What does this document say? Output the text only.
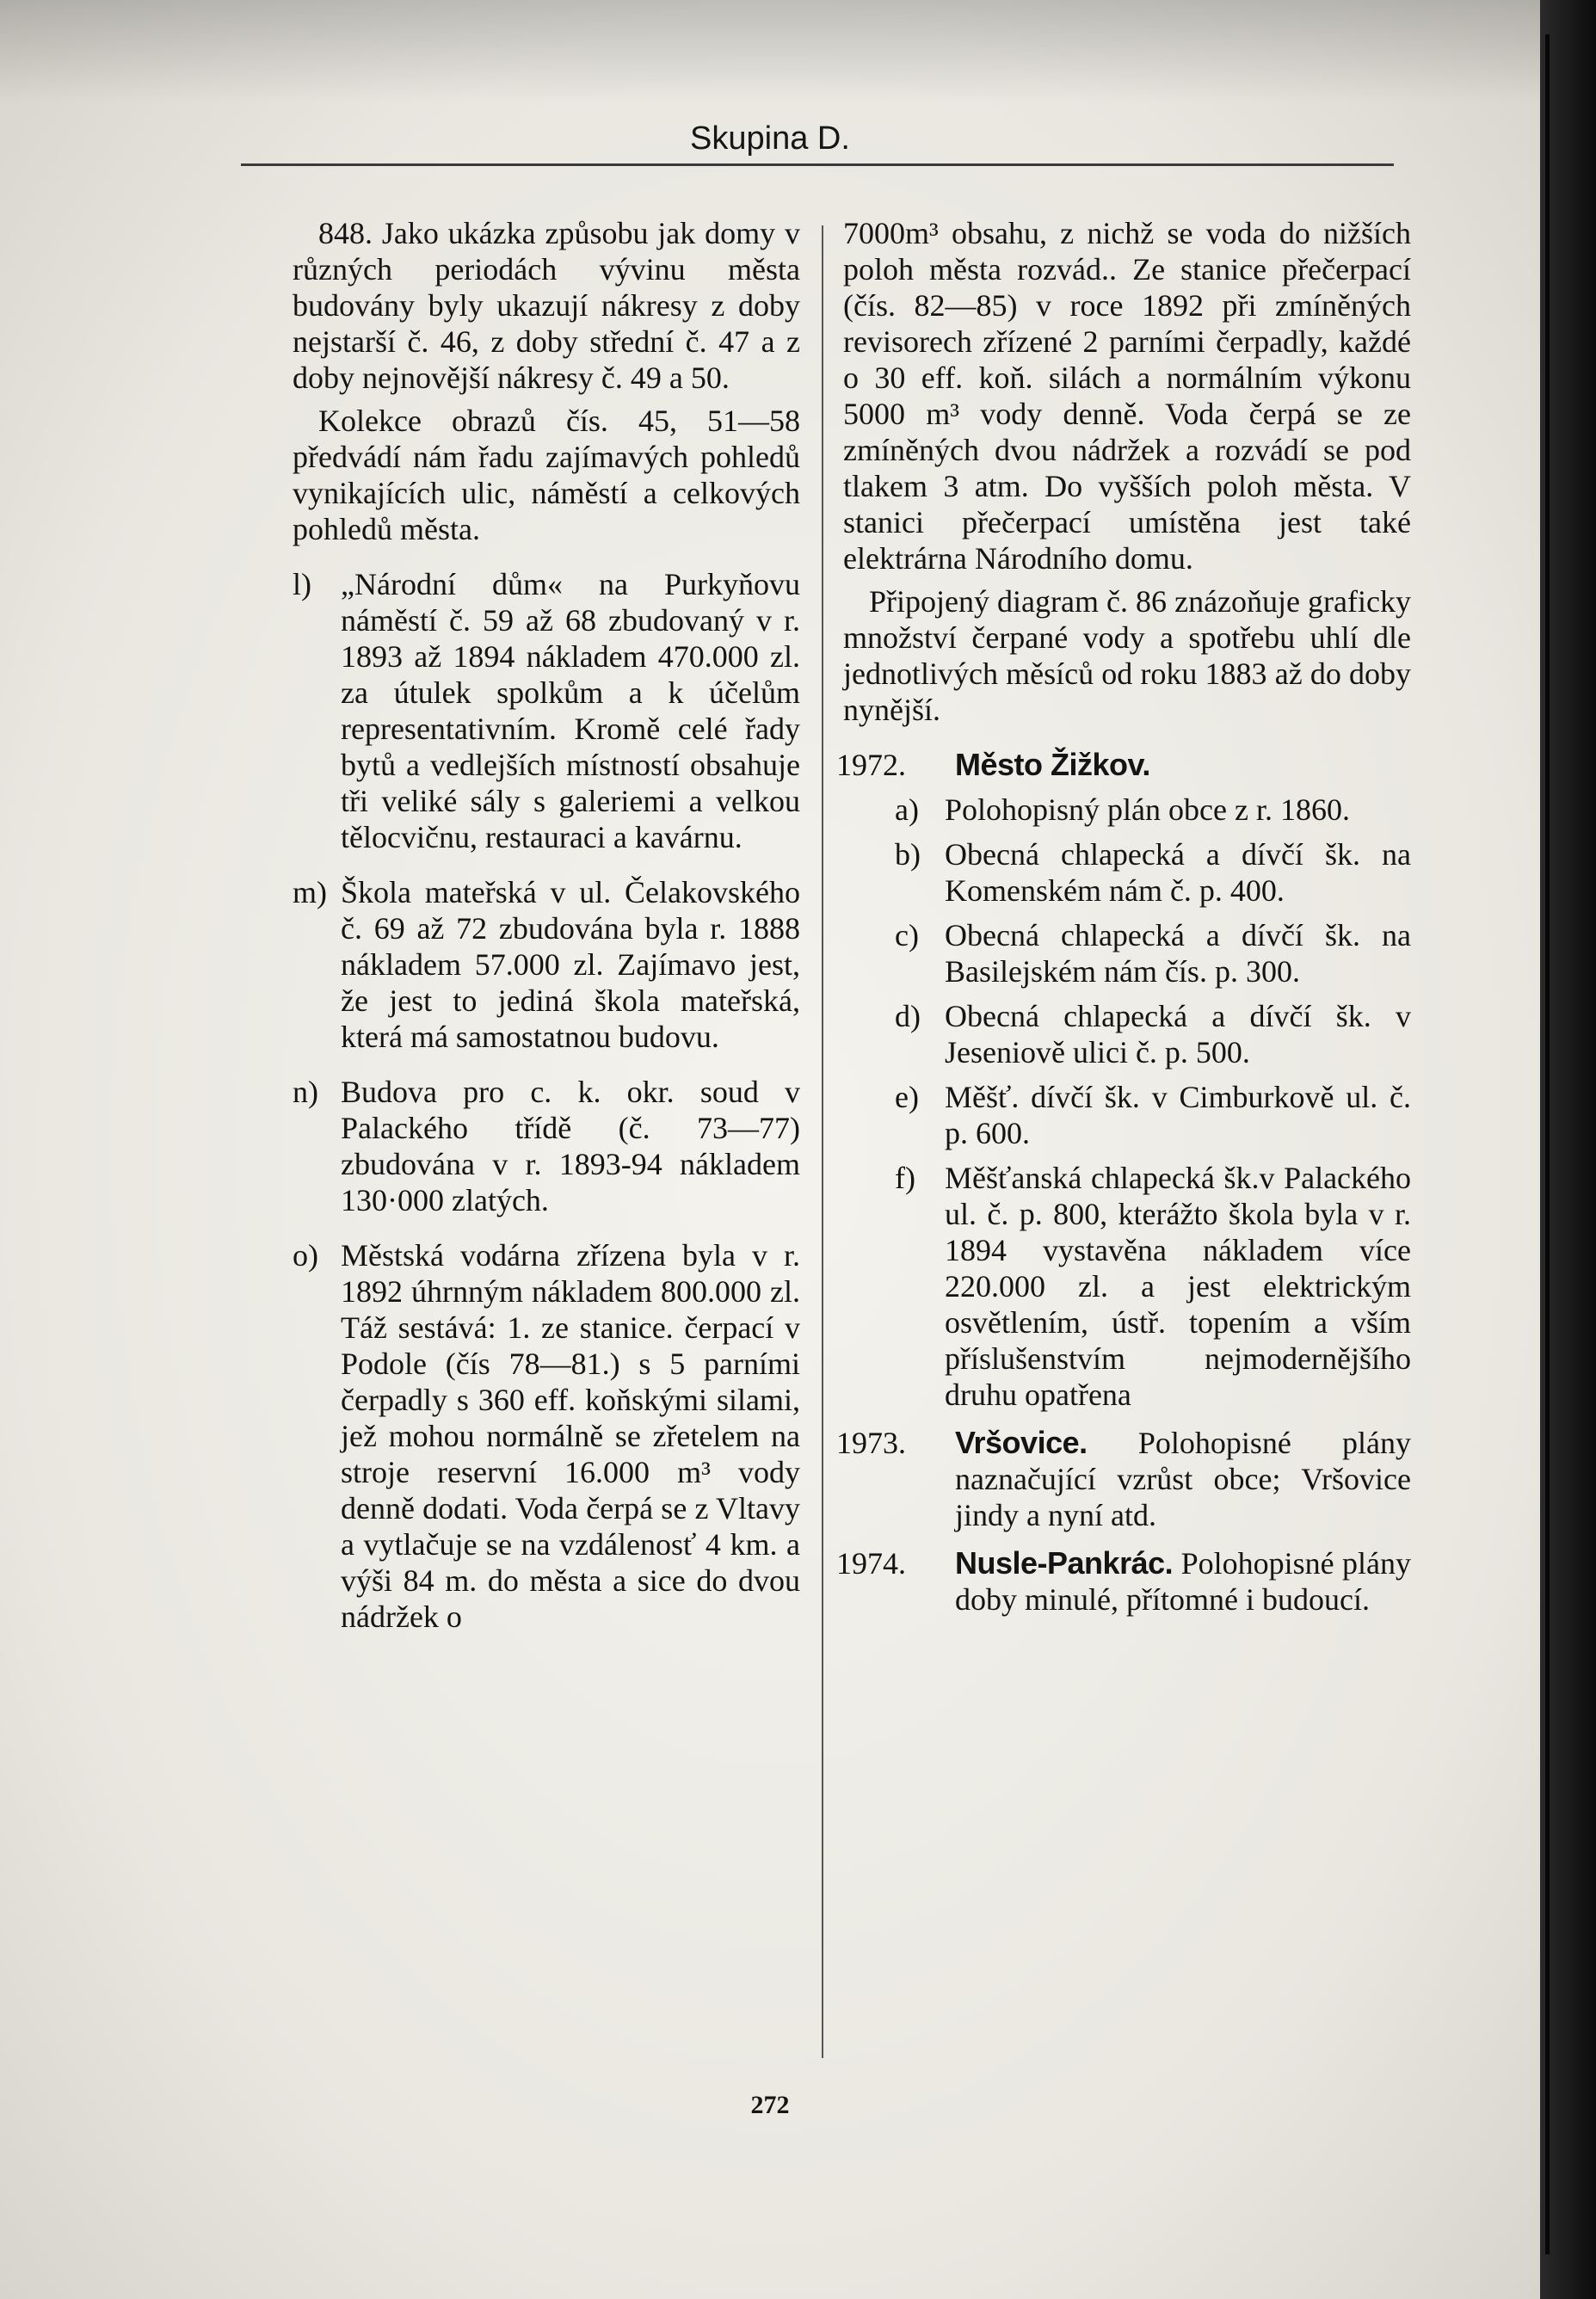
Skupina D.

848. Jako ukázka způsobu jak domy v různých periodách vývinu města budovány byly ukazují nákresy z doby nejstarší č. 46, z doby střední č. 47 a z doby nejnovější nákresy č. 49 a 50.

Kolekce obrazů čís. 45, 51—58 předvádí nám řadu zajímavých pohledů vynikajících ulic, náměstí a celkových pohledů města.

l) „Národní dům« na Purkyňovu náměstí č. 59 až 68 zbudovaný v r. 1893 až 1894 nákladem 470.000 zl. za útulek spolkům a k účelům representativním. Kromě celé řady bytů a vedlejších místností obsahuje tři veliké sály s galeriemi a velkou tělocvičnu, restauraci a kavárnu.
m) Škola mateřská v ul. Čelakovského č. 69 až 72 zbudována byla r. 1888 nákladem 57.000 zl. Zajímavo jest, že jest to jediná škola mateřská, která má samostatnou budovu.
n) Budova pro c. k. okr. soud v Palackého třídě (č. 73—77) zbudována v r. 1893-94 nákladem 130·000 zlatých.
o) Městská vodárna zřízena byla v r. 1892 úhrnným nákladem 800.000 zl. Táž sestává: 1. ze stanice. čerpací v Podole (čís 78—81.) s 5 parními čerpadly s 360 eff. koňskými silami, jež mohou normálně se zřetelem na stroje reservní 16.000 m³ vody denně dodati. Voda čerpá se z Vltavy a vytlačuje se na vzdálenosť 4 km. a výši 84 m. do města a sice do dvou nádržek o

7000m³ obsahu, z nichž se voda do nižších poloh města rozvád.. Ze stanice přečerpací (čís. 82—85) v roce 1892 při zmíněných revisorech zřízené 2 parními čerpadly, každé o 30 eff. koň. silách a normálním výkonu 5000 m³ vody denně. Voda čerpá se ze zmíněných dvou nádržek a rozvádí se pod tlakem 3 atm. Do vyšších poloh města. V stanici přečerpací umístěna jest také elektrárna Národního domu.

Připojený diagram č. 86 znázoňuje graficky množství čerpané vody a spotřebu uhlí dle jednotlivých měsíců od roku 1883 až do doby nynější.

1972. Město Žižkov.
a) Polohopisný plán obce z r. 1860.
b) Obecná chlapecká a dívčí šk. na Komenském nám č. p. 400.
c) Obecná chlapecká a dívčí šk. na Basilejském nám čís. p. 300.
d) Obecná chlapecká a dívčí šk. v Jeseniově ulici č. p. 500.
e) Měšť. dívčí šk. v Cimburkově ul. č. p. 600.
f) Měšťanská chlapecká šk.v Palackého ul. č. p. 800, kterážto škola byla v r. 1894 vystavěna nákladem více 220.000 zl. a jest elektrickým osvětlením, ústř. topením a vším příslušenstvím nejmodernějšího druhu opatřena
1973. Vršovice. Polohopisné plány naznačující vzrůst obce; Vršovice jindy a nyní atd.
1974. Nusle-Pankrác. Polohopisné plány doby minulé, přítomné i budoucí.
272
